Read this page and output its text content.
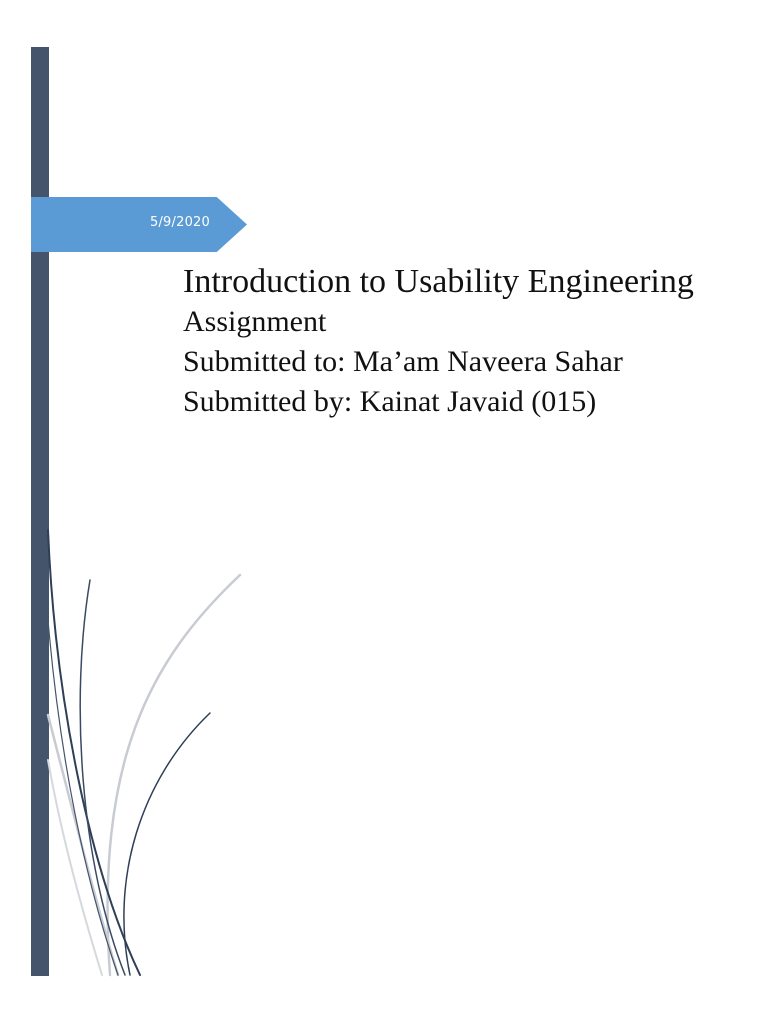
5/9/2020
Introduction to Usability Engineering
Assignment
Submitted to: Ma’am Naveera Sahar
Submitted by: Kainat Javaid (015)
